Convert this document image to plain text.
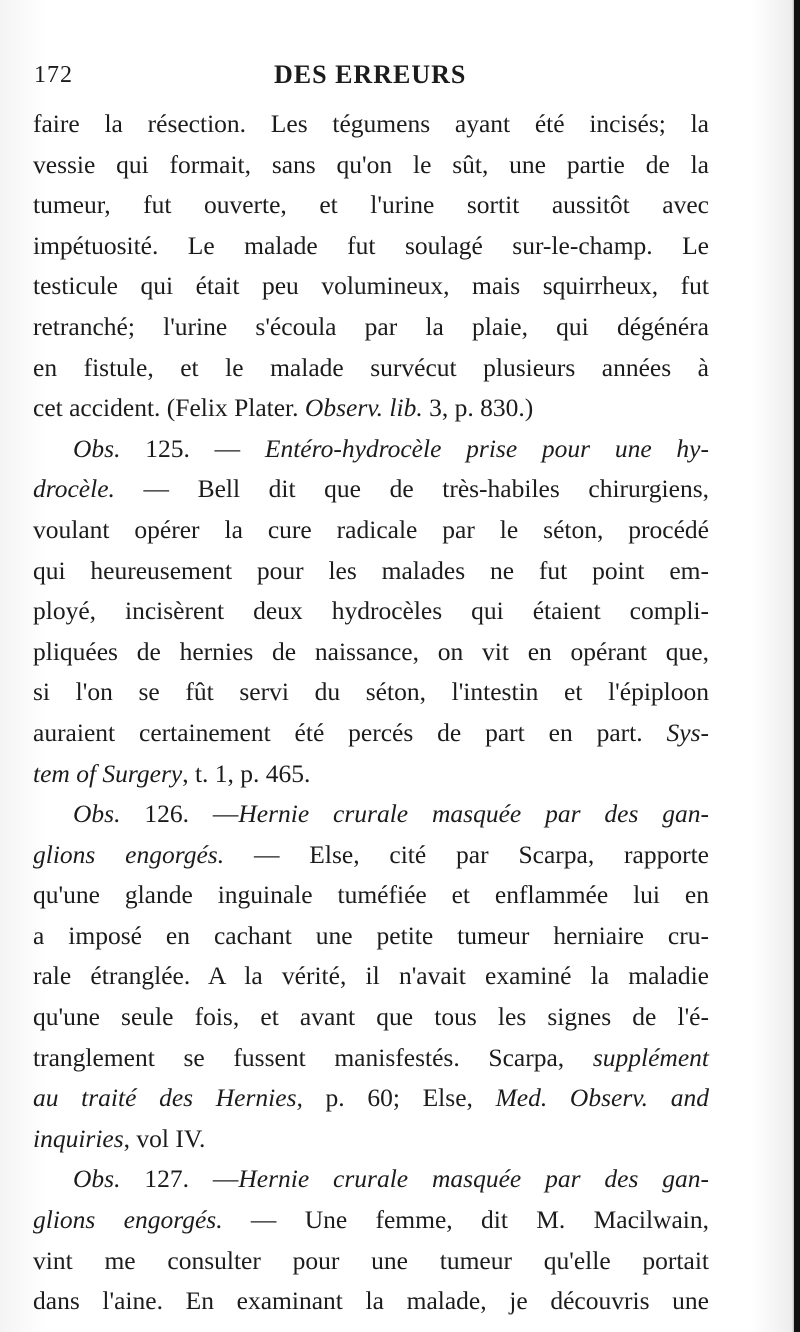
172	DES ERREURS
faire la résection. Les tégumens ayant été incisés; la
vessie qui formait, sans qu'on le sût, une partie de la
tumeur, fut ouverte, et l'urine sortit aussitôt avec
impétuosité. Le malade fut soulagé sur-le-champ. Le
testicule qui était peu volumineux, mais squirrheux, fut
retranché; l'urine s'écoula par la plaie, qui dégénéra
en fistule, et le malade survécut plusieurs années à
cet accident. (Felix Plater. Observ. lib. 3, p. 830.)
Obs. 125. — Entéro-hydrocèle prise pour une hy-
drocèle. — Bell dit que de très-habiles chirurgiens,
voulant opérer la cure radicale par le séton, procédé
qui heureusement pour les malades ne fut point em-
ployé, incisèrent deux hydrocèles qui étaient compli-
pliquées de hernies de naissance, on vit en opérant que,
si l'on se fût servi du séton, l'intestin et l'épiploon
auraient certainement été percés de part en part. Sys-
tem of Surgery, t. 1, p. 465.
Obs. 126. —Hernie crurale masquée par des gan-
glions engorgés. — Else, cité par Scarpa, rapporte
qu'une glande inguinale tuméfiée et enflammée lui en
a imposé en cachant une petite tumeur herniaire cru-
rale étranglée. A la vérité, il n'avait examiné la maladie
qu'une seule fois, et avant que tous les signes de l'é-
tranglement se fussent manisfestés. Scarpa, supplément
au traité des Hernies, p. 60; Else, Med. Observ. and
inquiries, vol IV.
Obs. 127. —Hernie crurale masquée par des gan-
glions engorgés. — Une femme, dit M. Macilwain,
vint me consulter pour une tumeur qu'elle portait
dans l'aine. En examinant la malade, je découvris une
